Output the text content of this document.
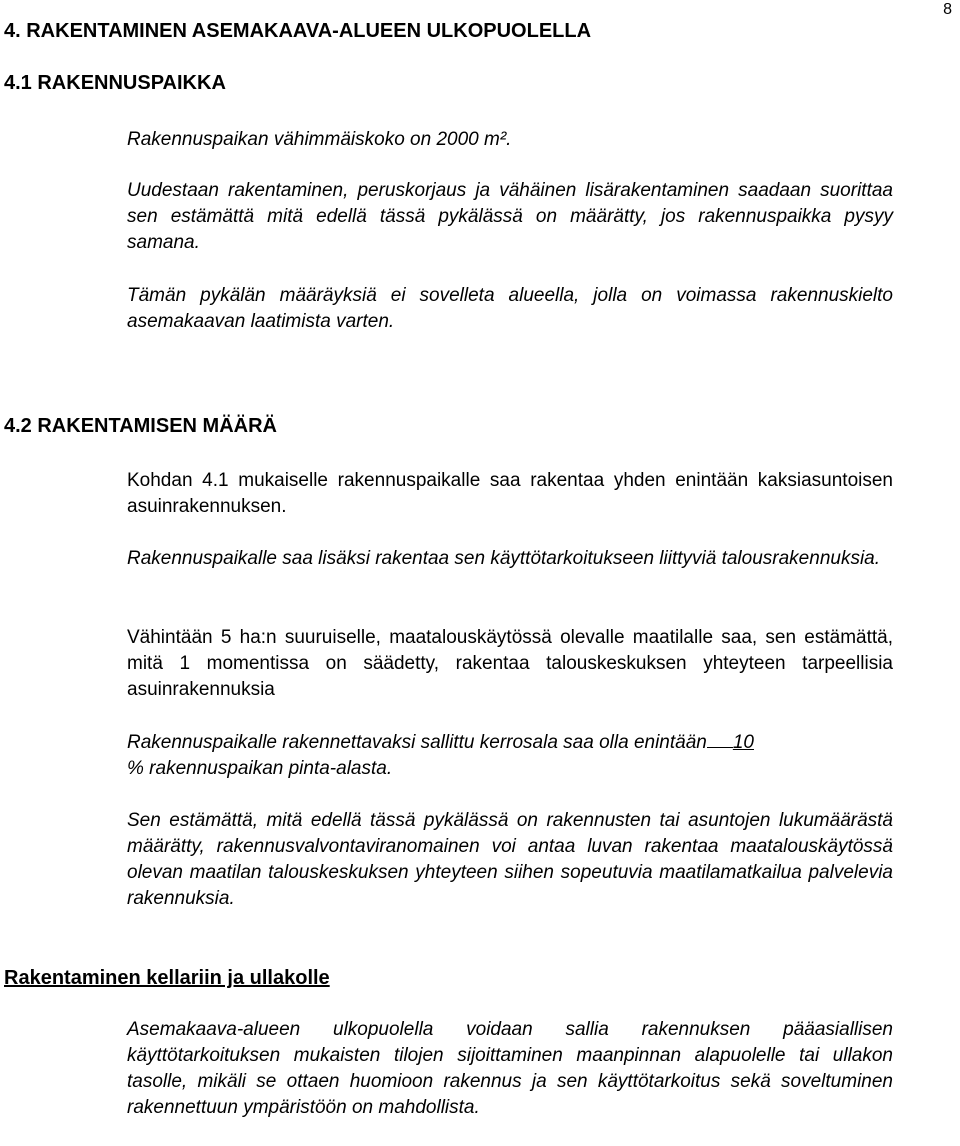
8
4. RAKENTAMINEN ASEMAKAAVA-ALUEEN ULKOPUOLELLA
4.1 RAKENNUSPAIKKA
Rakennuspaikan vähimmäiskoko on 2000 m².
Uudestaan rakentaminen, peruskorjaus ja vähäinen lisärakentaminen saadaan suorittaa sen estämättä mitä edellä tässä pykälässä on määrätty, jos rakennuspaikka pysyy samana.
Tämän pykälän määräyksiä ei sovelleta alueella, jolla on voimassa rakennuskielto asemakaavan laatimista varten.
4.2 RAKENTAMISEN MÄÄRÄ
Kohdan 4.1 mukaiselle rakennuspaikalle saa rakentaa yhden enintään kaksiasuntoisen asuinrakennuksen.
Rakennuspaikalle saa lisäksi rakentaa sen käyttötarkoitukseen liittyviä talousrakennuksia.
Vähintään 5 ha:n suuruiselle, maatalouskäytössä olevalle maatilalle saa, sen estämättä, mitä 1 momentissa on säädetty, rakentaa talouskeskuksen yhteyteen tarpeellisia asuinrakennuksia
Rakennuspaikalle rakennettavaksi sallittu kerrosala saa olla enintään 10
% rakennuspaikan pinta-alasta.
Sen estämättä, mitä edellä tässä pykälässä on rakennusten tai asuntojen lukumäärästä määrätty, rakennusvalvontaviranomainen voi antaa luvan rakentaa maatalouskäytössä olevan maatilan talouskeskuksen yhteyteen siihen sopeutuvia maatilamatkailua palvelevia rakennuksia.
Rakentaminen kellariin ja ullakolle
Asemakaava-alueen ulkopuolella voidaan sallia rakennuksen pääasiallisen käyttötarkoituksen mukaisten tilojen sijoittaminen maanpinnan alapuolelle tai ullakon tasolle, mikäli se ottaen huomioon rakennus ja sen käyttötarkoitus sekä soveltuminen rakennettuun ympäristöön on mahdollista.
